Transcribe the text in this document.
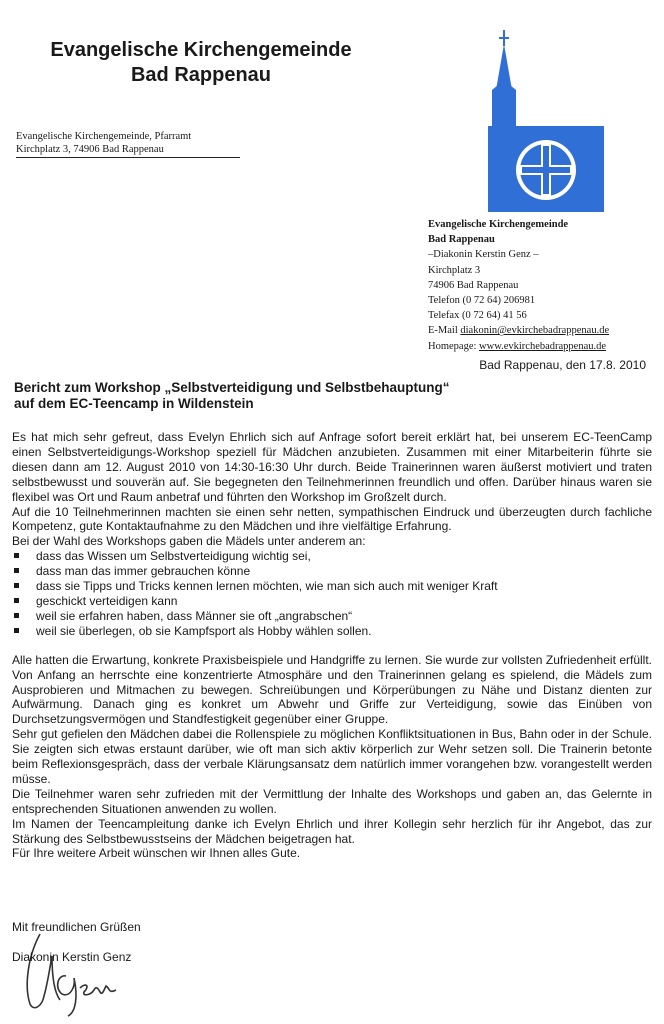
Evangelische Kirchengemeinde
Bad Rappenau
Evangelische Kirchengemeinde, Pfarramt
Kirchplatz 3, 74906 Bad Rappenau
Evangelische Kirchengemeinde
Bad Rappenau
–Diakonin Kerstin Genz –
Kirchplatz 3
74906 Bad Rappenau
Telefon (0 72 64) 206981
Telefax (0 72 64) 41 56
E-Mail diakonin@evkirchebadrappenau.de
Homepage: www.evkirchebadrappenau.de
Bad Rappenau, den 17.8. 2010
Bericht zum Workshop „Selbstverteidigung und Selbstbehauptung“
auf dem EC-Teencamp in Wildenstein

Es hat mich sehr gefreut, dass Evelyn Ehrlich sich auf Anfrage sofort bereit erklärt hat, bei unserem EC-TeenCamp einen Selbstverteidigungs-Workshop speziell für Mädchen anzubieten. Zusammen mit einer Mitarbeiterin führte sie diesen dann am 12. August 2010 von 14:30-16:30 Uhr durch. Beide Trainerinnen waren äußerst motiviert und traten selbstbewusst und souverän auf. Sie begegneten den Teilnehmerinnen freundlich und offen. Darüber hinaus waren sie flexibel was Ort und Raum anbetraf und führten den Workshop im Großzelt durch.

Auf die 10 Teilnehmerinnen machten sie einen sehr netten, sympathischen Eindruck und überzeugten durch fachliche Kompetenz, gute Kontaktaufnahme zu den Mädchen und ihre vielfältige Erfahrung.

Bei der Wahl des Workshops gaben die Mädels unter anderem an:

dass das Wissen um Selbstverteidigung wichtig sei,
dass man das immer gebrauchen könne
dass sie Tipps und Tricks kennen lernen möchten, wie man sich auch mit weniger Kraft
geschickt verteidigen kann
weil sie erfahren haben, dass Männer sie oft „angrabschen“
weil sie überlegen, ob sie Kampfsport als Hobby wählen sollen.

Alle hatten die Erwartung, konkrete Praxisbeispiele und Handgriffe zu lernen. Sie wurde zur vollsten Zufriedenheit erfüllt. Von Anfang an herrschte eine konzentrierte Atmosphäre und den Trainerinnen gelang es spielend, die Mädels zum Ausprobieren und Mitmachen zu bewegen. Schreiübungen und Körperübungen zu Nähe und Distanz dienten zur Aufwärmung. Danach ging es konkret um Abwehr und Griffe zur Verteidigung, sowie das Einüben von Durchsetzungsvermögen und Standfestigkeit gegenüber einer Gruppe.

Sehr gut gefielen den Mädchen dabei die Rollenspiele zu möglichen Konfliktsituationen in Bus, Bahn oder in der Schule. Sie zeigten sich etwas erstaunt darüber, wie oft man sich aktiv körperlich zur Wehr setzen soll. Die Trainerin betonte beim Reflexionsgespräch, dass der verbale Klärungsansatz dem natürlich immer vorangehen bzw. vorangestellt werden müsse.

Die Teilnehmer waren sehr zufrieden mit der Vermittlung der Inhalte des Workshops und gaben an, das Gelernte in entsprechenden Situationen anwenden zu wollen.

Im Namen der Teencampleitung danke ich Evelyn Ehrlich und ihrer Kollegin sehr herzlich für ihr Angebot, das zur Stärkung des Selbstbewusstseins der Mädchen beigetragen hat.

Für Ihre weitere Arbeit wünschen wir Ihnen alles Gute.

Mit freundlichen Grüßen
Diakonin Kerstin Genz
